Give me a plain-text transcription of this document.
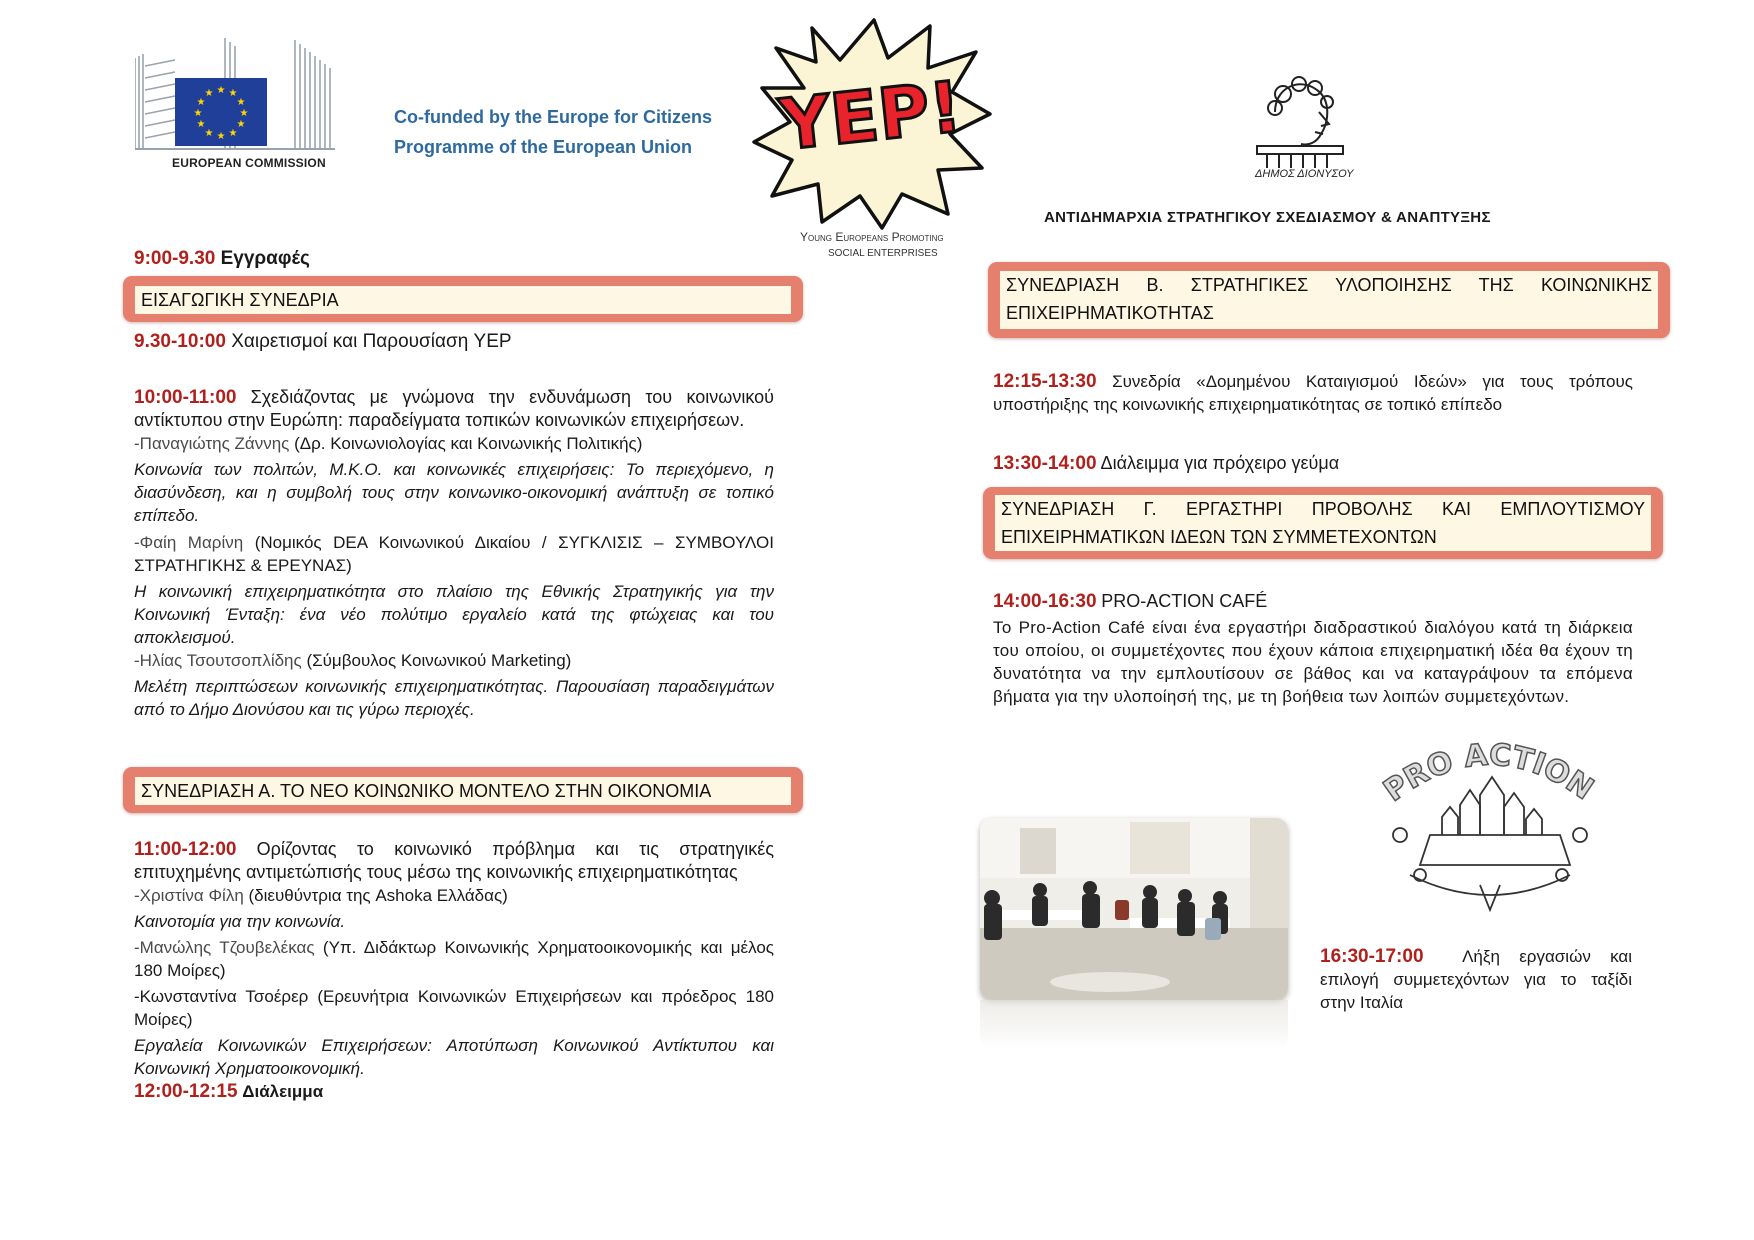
★ ★
★
★
★
★
★
★
★
★
★
★
EUROPEAN COMMISSION
Co-funded by the Europe for Citizens
Programme of the European Union YEP!
Young Europeans Promoting
SOCIAL ENTERPRISES
ΔΗΜΟΣ ΔΙΟΝΥΣΟΥ
ΑΝΤΙΔΗΜΑΡΧΙΑ ΣΤΡΑΤΗΓΙΚΟΥ ΣΧΕΔΙΑΣΜΟΥ & ΑΝΑΠΤΥΞΗΣ
9:00-9.30 Εγγραφές
ΕΙΣΑΓΩΓΙΚΗ ΣΥΝΕΔΡΙΑ
9.30-10:00 Χαιρετισμοί και Παρουσίαση YEP

10:00-11:00 Σχεδιάζοντας με γνώμονα την ενδυνάμωση του κοινωνικού αντίκτυπου στην Ευρώπη: παραδείγματα τοπικών κοινωνικών επιχειρήσεων.

-Παναγιώτης Ζάννης (Δρ. Κοινωνιολογίας και Κοινωνικής Πολιτικής)

Κοινωνία των πολιτών, Μ.Κ.Ο. και κοινωνικές επιχειρήσεις: Το περιεχόμενο, η διασύνδεση, και η συμβολή τους στην κοινωνικο-οικονομική ανάπτυξη σε τοπικό επίπεδο.

-Φαίη Μαρίνη (Νομικός DEA Κοινωνικού Δικαίου / ΣΥΓΚΛΙΣΙΣ – ΣΥΜΒΟΥΛΟΙ ΣΤΡΑΤΗΓΙΚΗΣ & ΕΡΕΥΝΑΣ)

Η κοινωνική επιχειρηματικότητα στο πλαίσιο της Εθνικής Στρατηγικής για την Κοινωνική Ένταξη: ένα νέο πολύτιμο εργαλείο κατά της φτώχειας και του αποκλεισμού.

-Ηλίας Τσουτσοπλίδης (Σύμβουλος Κοινωνικού Marketing)

Μελέτη περιπτώσεων κοινωνικής επιχειρηματικότητας. Παρουσίαση παραδειγμάτων από το Δήμο Διονύσου και τις γύρω περιοχές.

ΣΥΝΕΔΡΙΑΣΗ Α. ΤΟ ΝΕΟ ΚΟΙΝΩΝΙΚΟ ΜΟΝΤΕΛΟ ΣΤΗΝ ΟΙΚΟΝΟΜΙΑ

11:00-12:00 Ορίζοντας το κοινωνικό πρόβλημα και τις στρατηγικές επιτυχημένης αντιμετώπισής τους μέσω της κοινωνικής επιχειρηματικότητας

-Χριστίνα Φίλη (διευθύντρια της Ashoka Ελλάδας)

Καινοτομία για την κοινωνία.

-Μανώλης Τζουβελέκας (Υπ. Διδάκτωρ Κοινωνικής Χρηματοοικονομικής και μέλος 180 Μοίρες)

-Κωνσταντίνα Τσοέρερ (Ερευνήτρια Κοινωνικών Επιχειρήσεων και πρόεδρος 180 Μοίρες)

Εργαλεία Κοινωνικών Επιχειρήσεων: Αποτύπωση Κοινωνικού Αντίκτυπου και Κοινωνική Χρηματοοικονομική.

12:00-12:15 Διάλειμμα

ΣΥΝΕΔΡΙΑΣΗ Β. ΣΤΡΑΤΗΓΙΚΕΣ ΥΛΟΠΟΙΗΣΗΣ ΤΗΣ ΚΟΙΝΩΝΙΚΗΣ ΕΠΙΧΕΙΡΗΜΑΤΙΚΟΤΗΤΑΣ

12:15-13:30 Συνεδρία «Δομημένου Καταιγισμού Ιδεών» για τους τρόπους υποστήριξης της κοινωνικής επιχειρηματικότητας σε τοπικό επίπεδο

13:30-14:00 Διάλειμμα για πρόχειρο γεύμα
ΣΥΝΕΔΡΙΑΣΗ Γ. ΕΡΓΑΣΤΗΡΙ ΠΡΟΒΟΛΗΣ ΚΑΙ ΕΜΠΛΟΥΤΙΣΜΟΥ ΕΠΙΧΕΙΡΗΜΑΤΙΚΩΝ ΙΔΕΩΝ ΤΩΝ ΣΥΜΜΕΤΕΧΟΝΤΩΝ

14:00-16:30 PRO-ACTION CAFÉ

Το Pro-Action Café είναι ένα εργαστήρι διαδραστικού διαλόγου κατά τη διάρκεια του οποίου, οι συμμετέχοντες που έχουν κάποια επιχειρηματική ιδέα θα έχουν τη δυνατότητα να την εμπλουτίσουν σε βάθος και να καταγράψουν τα επόμενα βήματα για την υλοποίησή της, με τη βοήθεια των λοιπών συμμετεχόντων.

PRO ACTION

16:30-17:00 Λήξη εργασιών και επιλογή συμμετεχόντων για το ταξίδι στην Ιταλία
